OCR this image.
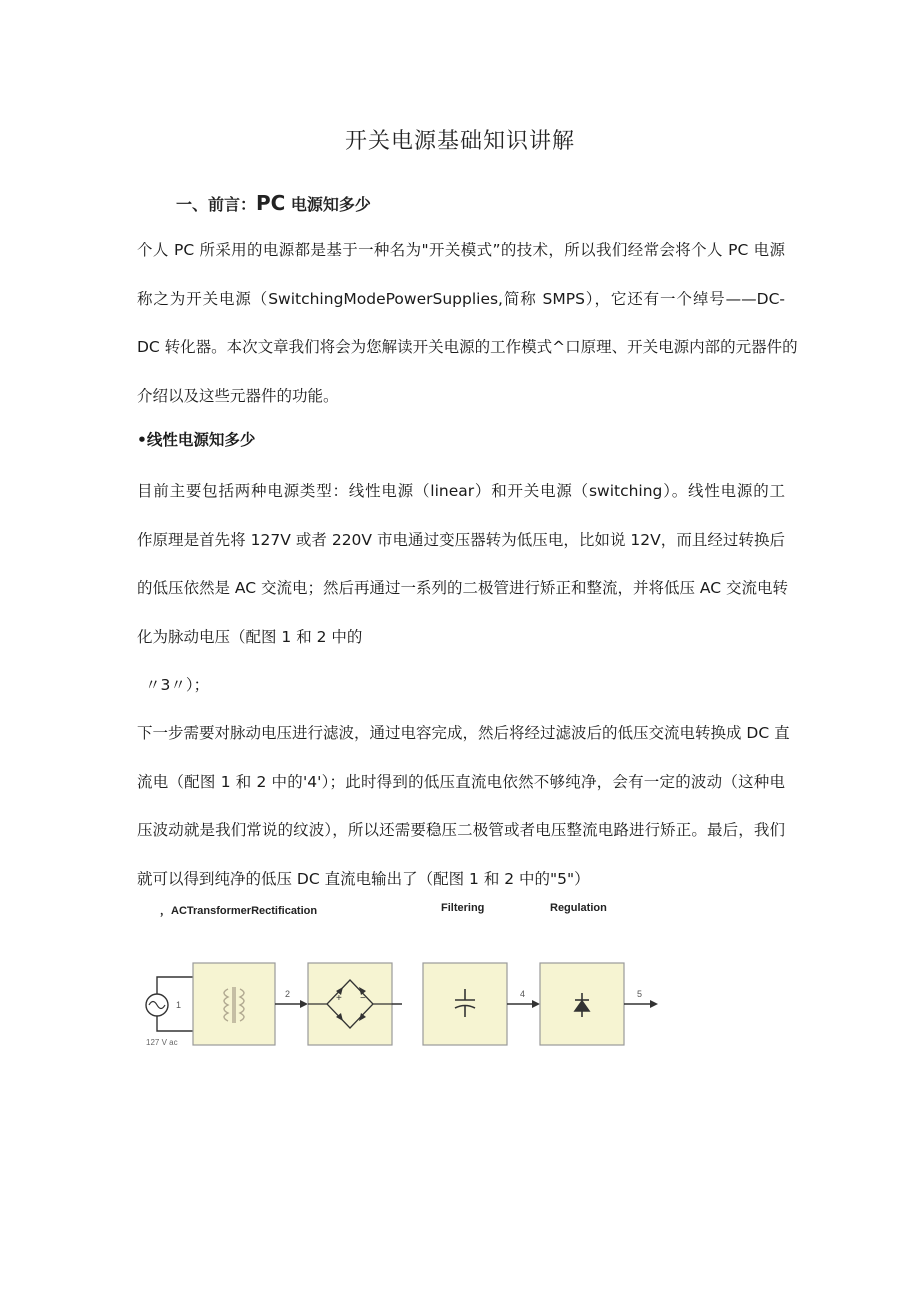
开关电源基础知识讲解
一、前言：PC 电源知多少
个人 PC 所采用的电源都是基于一种名为"开关模式”的技术，所以我们经常会将个人 PC 电源
称之为开关电源（SwitchingModePowerSupplies,简称 SMPS），它还有一个绰号——DC-
DC 转化器。本次文章我们将会为您解读开关电源的工作模式^口原理、开关电源内部的元器件的
介绍以及这些元器件的功能。
•线性电源知多少
目前主要包括两种电源类型：线性电源（linear）和开关电源（switching）。线性电源的工
作原理是首先将 127V 或者 220V 市电通过变压器转为低压电，比如说 12V，而且经过转换后
的低压依然是 AC 交流电；然后再通过一系列的二极管进行矫正和整流，并将低压 AC 交流电转
化为脉动电压（配图 1 和 2 中的
〃3〃）；
下一步需要对脉动电压进行滤波，通过电容完成，然后将经过滤波后的低压交流电转换成 DC 直
流电（配图 1 和 2 中的'4'）；此时得到的低压直流电依然不够纯净，会有一定的波动（这种电
压波动就是我们常说的纹波），所以还需要稳压二极管或者电压整流电路进行矫正。最后，我们
就可以得到纯净的低压 DC 直流电输出了（配图 1 和 2 中的"5"）
，ACTransformerRectification	Filtering	Regulation
1
127 V ac
2	+ −	4	5
